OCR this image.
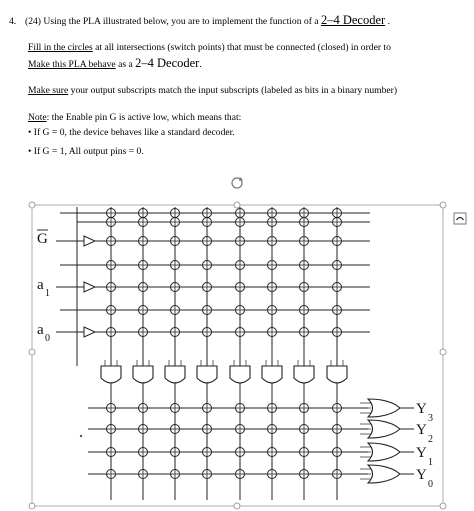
4. (24) Using the PLA illustrated below, you are to implement the function of a 2–4 Decoder .
Fill in the circles at all intersections (switch points) that must be connected (closed) in order to
Make this PLA behave as a 2–4 Decoder.
Make sure your output subscripts match the input subscripts (labeled as bits in a binary number)
Note: the Enable pin G is active low, which means that:
• If G = 0, the device behaves like a standard decoder.
• If G = 1, All output pins = 0.
G
a
1
a
0
Y
3
Y
2
Y
1
Y
0
